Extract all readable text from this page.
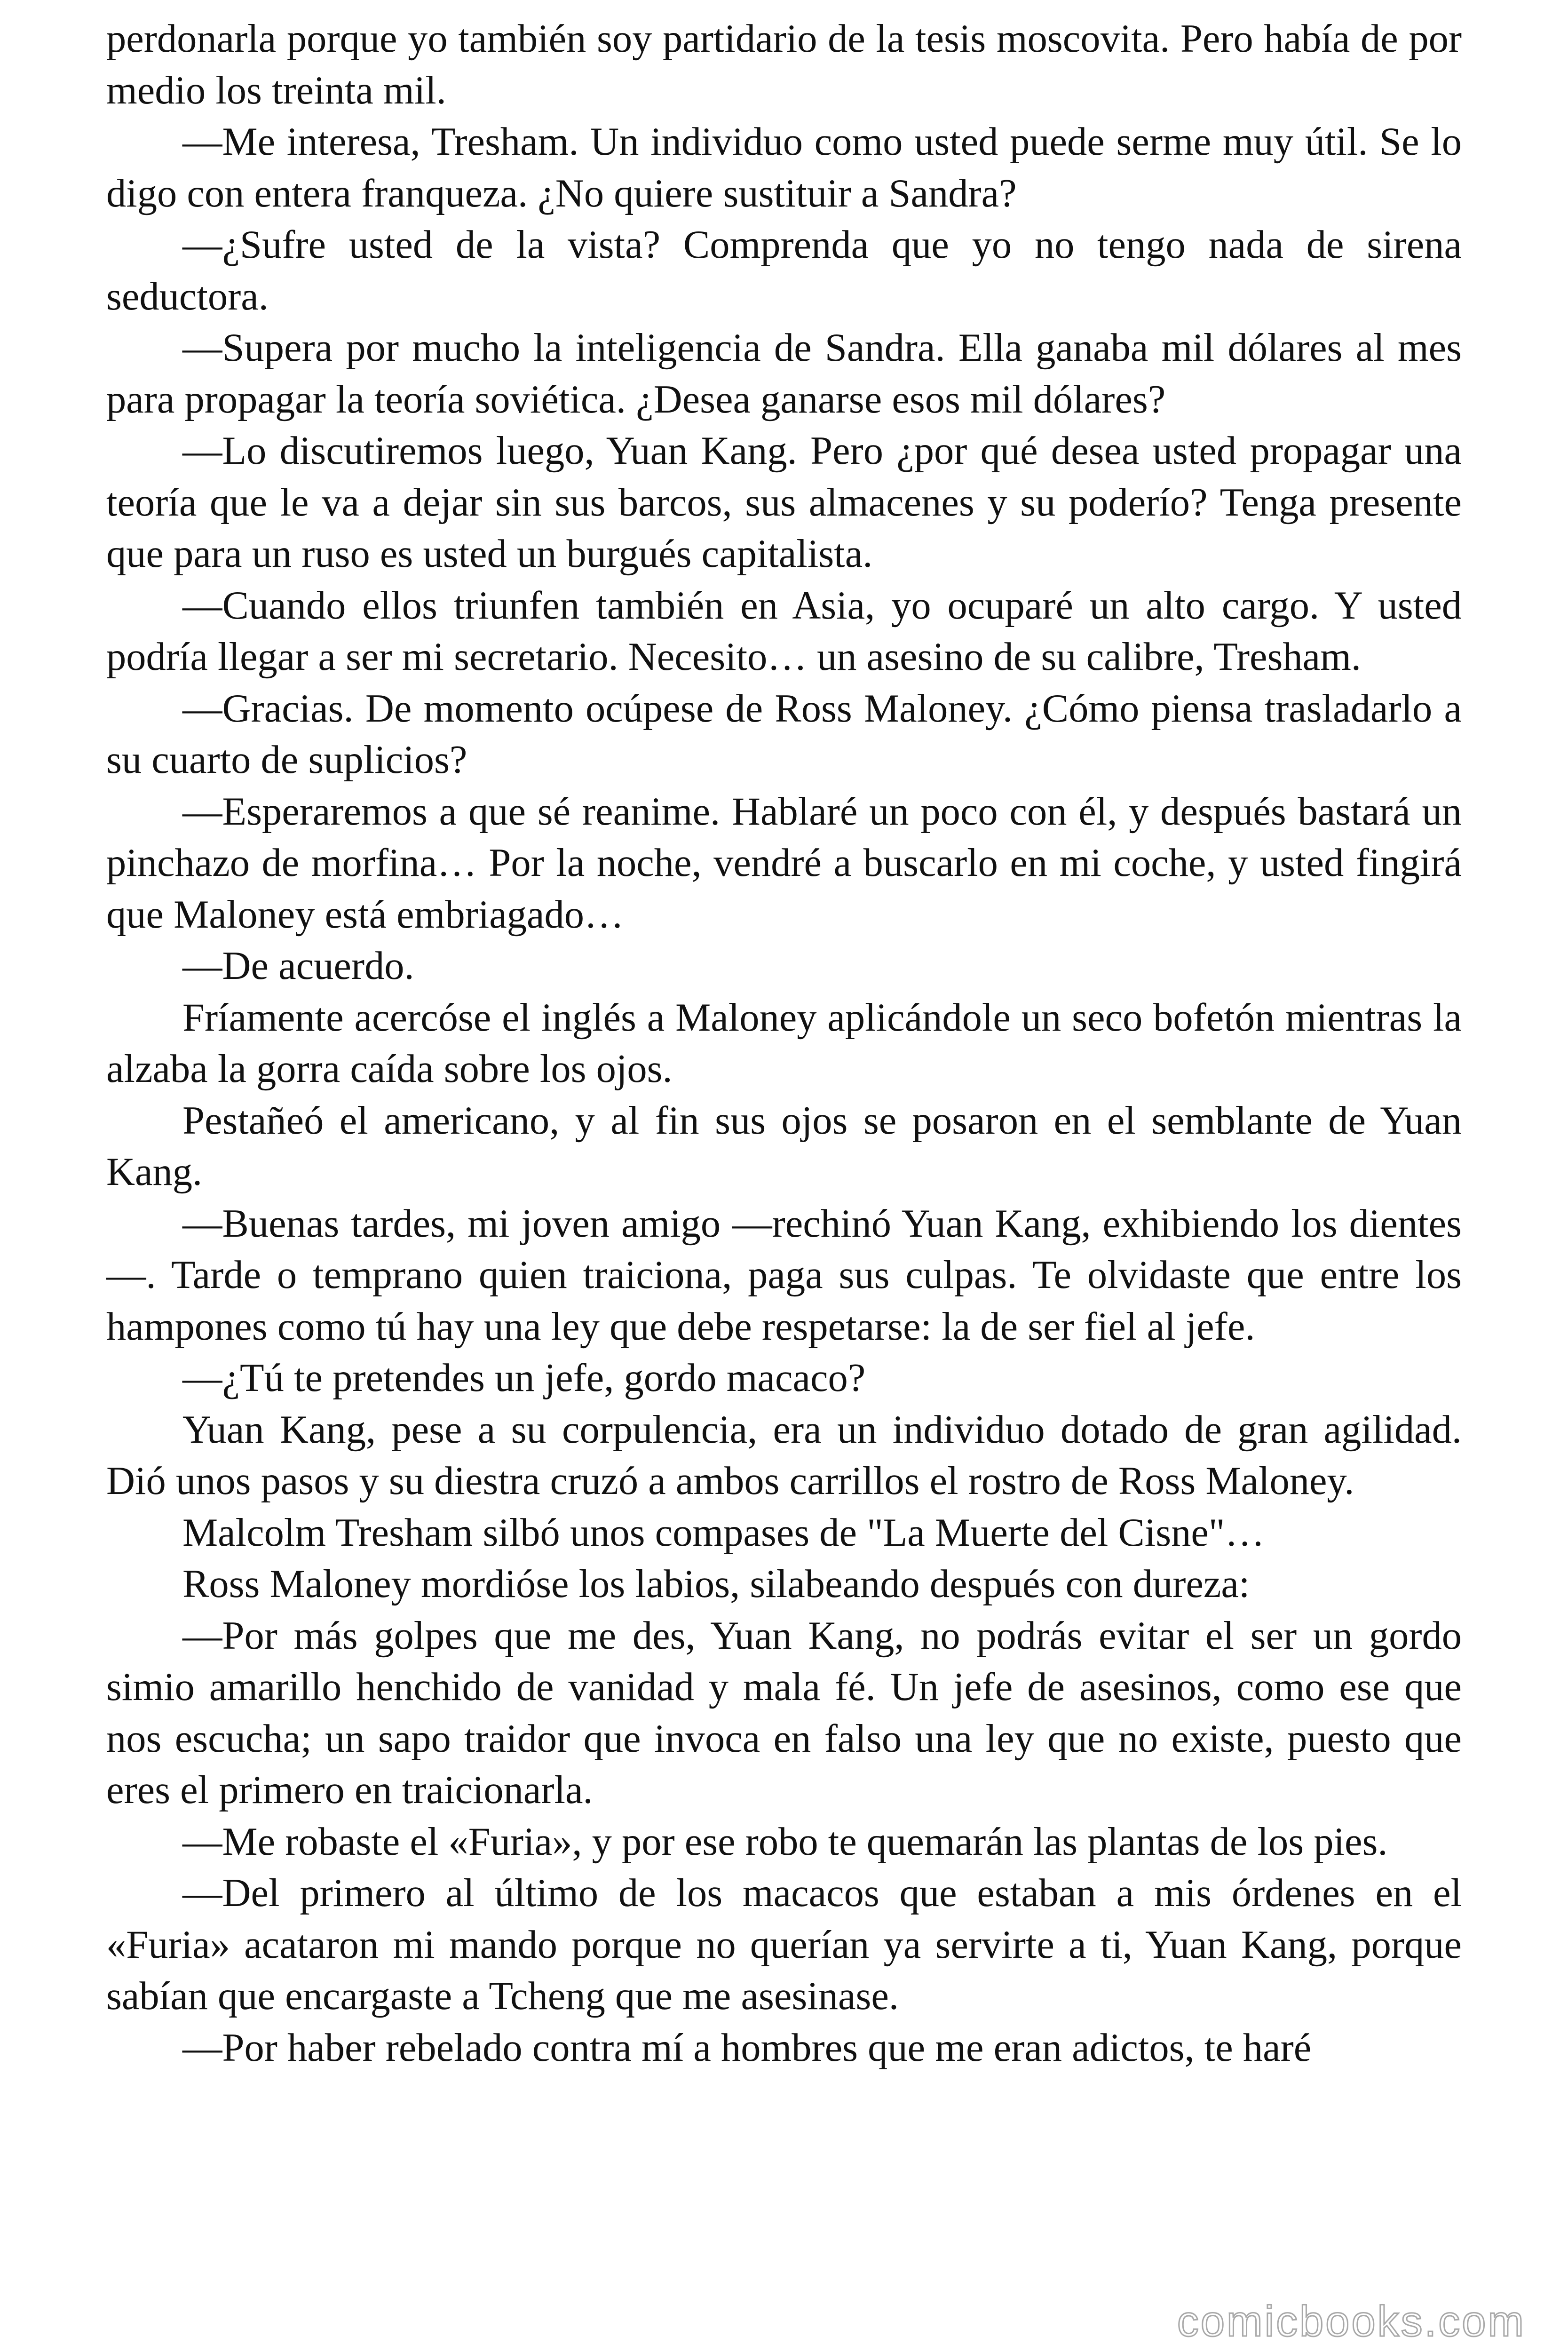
perdonarla porque yo también soy partidario de la tesis moscovita. Pero había de por medio los treinta mil.

—Me interesa, Tresham. Un individuo como usted puede serme muy útil. Se lo digo con entera franqueza. ¿No quiere sustituir a Sandra?

—¿Sufre usted de la vista? Comprenda que yo no tengo nada de sirena seductora.

—Supera por mucho la inteligencia de Sandra. Ella ganaba mil dólares al mes para propagar la teoría soviética. ¿Desea ganarse esos mil dólares?

—Lo discutiremos luego, Yuan Kang. Pero ¿por qué desea usted propagar una teoría que le va a dejar sin sus barcos, sus almacenes y su poderío? Tenga presente que para un ruso es usted un burgués capitalista.

—Cuando ellos triunfen también en Asia, yo ocuparé un alto cargo. Y usted podría llegar a ser mi secretario. Necesito… un asesino de su calibre, Tresham.

—Gracias. De momento ocúpese de Ross Maloney. ¿Cómo piensa trasladarlo a su cuarto de suplicios?

—Esperaremos a que sé reanime. Hablaré un poco con él, y después bastará un pinchazo de morfina… Por la noche, vendré a buscarlo en mi coche, y usted fingirá que Maloney está embriagado…

—De acuerdo.

Fríamente acercóse el inglés a Maloney aplicándole un seco bofetón mientras la alzaba la gorra caída sobre los ojos.

Pestañeó el americano, y al fin sus ojos se posaron en el semblante de Yuan Kang.

—Buenas tardes, mi joven amigo —rechinó Yuan Kang, exhibiendo los dientes—. Tarde o temprano quien traiciona, paga sus culpas. Te olvidaste que entre los hampones como tú hay una ley que debe respetarse: la de ser fiel al jefe.

—¿Tú te pretendes un jefe, gordo macaco?

Yuan Kang, pese a su corpulencia, era un individuo dotado de gran agilidad. Dió unos pasos y su diestra cruzó a ambos carrillos el rostro de Ross Maloney.

Malcolm Tresham silbó unos compases de "La Muerte del Cisne"…

Ross Maloney mordióse los labios, silabeando después con dureza:

—Por más golpes que me des, Yuan Kang, no podrás evitar el ser un gordo simio amarillo henchido de vanidad y mala fé. Un jefe de asesinos, como ese que nos escucha; un sapo traidor que invoca en falso una ley que no existe, puesto que eres el primero en traicionarla.

—Me robaste el «Furia», y por ese robo te quemarán las plantas de los pies.

—Del primero al último de los macacos que estaban a mis órdenes en el «Furia» acataron mi mando porque no querían ya servirte a ti, Yuan Kang, porque sabían que encargaste a Tcheng que me asesinase.

—Por haber rebelado contra mí a hombres que me eran adictos, te haré

comicbooks.com
